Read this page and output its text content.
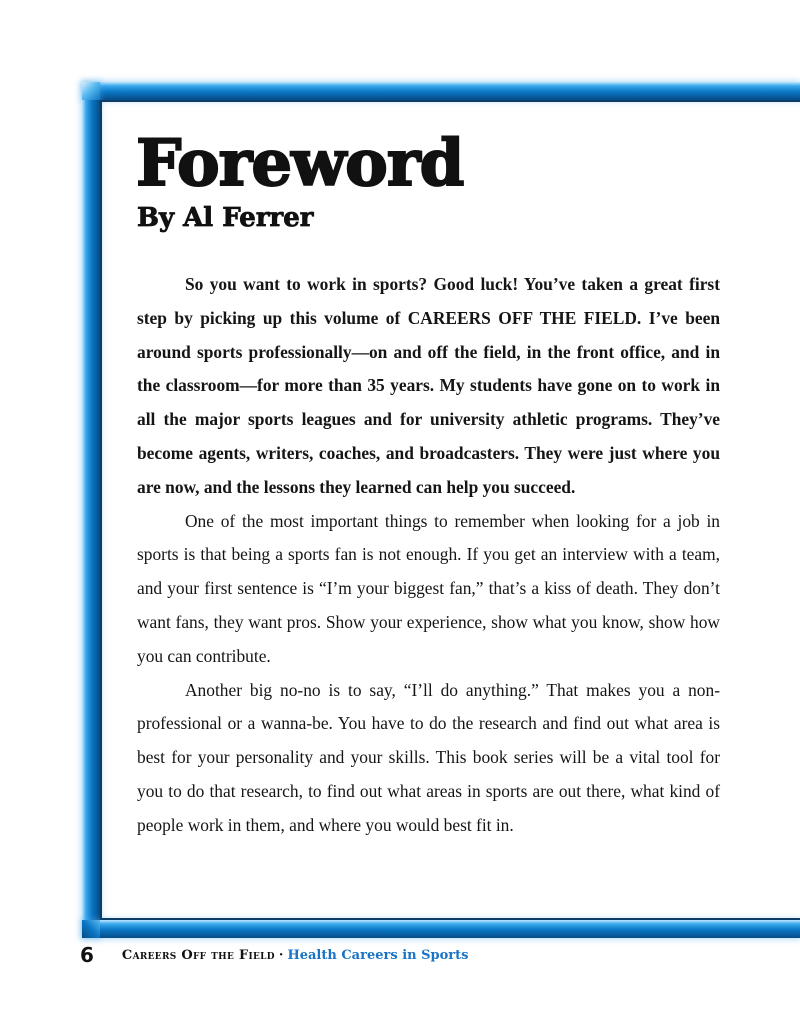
Foreword
By Al Ferrer

So you want to work in sports? Good luck! You’ve taken a great first step by picking up this volume of CAREERS OFF THE FIELD. I’ve been around sports professionally—on and off the field, in the front office, and in the classroom—for more than 35 years. My students have gone on to work in all the major sports leagues and for university athletic programs. They’ve become agents, writers, coaches, and broadcasters. They were just where you are now, and the lessons they learned can help you succeed.

One of the most important things to remember when looking for a job in sports is that being a sports fan is not enough. If you get an interview with a team, and your first sentence is “I’m your biggest fan,” that’s a kiss of death. They don’t want fans, they want pros. Show your experience, show what you know, show how you can contribute.

Another big no-no is to say, “I’ll do anything.” That makes you a non-professional or a wanna-be. You have to do the research and find out what area is best for your personality and your skills. This book series will be a vital tool for you to do that research, to find out what areas in sports are out there, what kind of people work in them, and where you would best fit in.

6 Careers Off the Field · Health Careers in Sports
